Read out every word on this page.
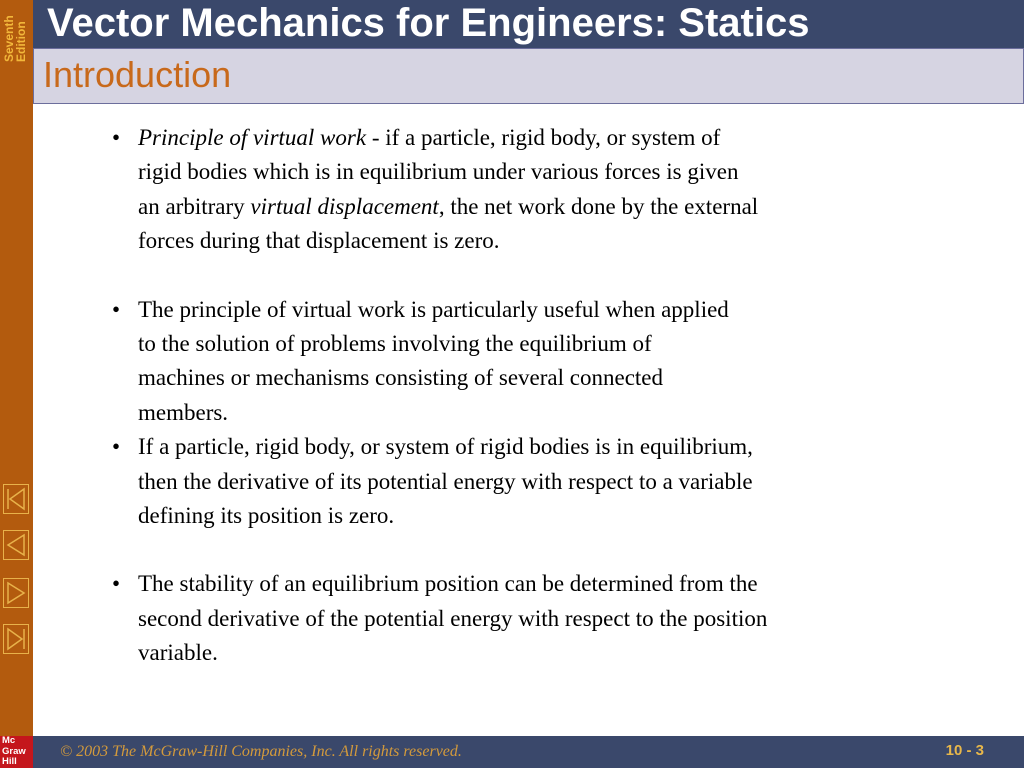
Seventh Edition Vector Mechanics for Engineers: Statics
Introduction
• Principle of virtual work - if a particle, rigid body, or system of
rigid bodies which is in equilibrium under various forces is given
an arbitrary virtual displacement, the net work done by the external
forces during that displacement is zero.
• The principle of virtual work is particularly useful when applied
to the solution of problems involving the equilibrium of
machines or mechanisms consisting of several connected
members.
• If a particle, rigid body, or system of rigid bodies is in equilibrium,
then the derivative of its potential energy with respect to a variable
defining its position is zero.
• The stability of an equilibrium position can be determined from the
second derivative of the potential energy with respect to the position
variable.
Mc
Graw
Hill
© 2003 The McGraw-Hill Companies, Inc. All rights reserved.	10 - 3
